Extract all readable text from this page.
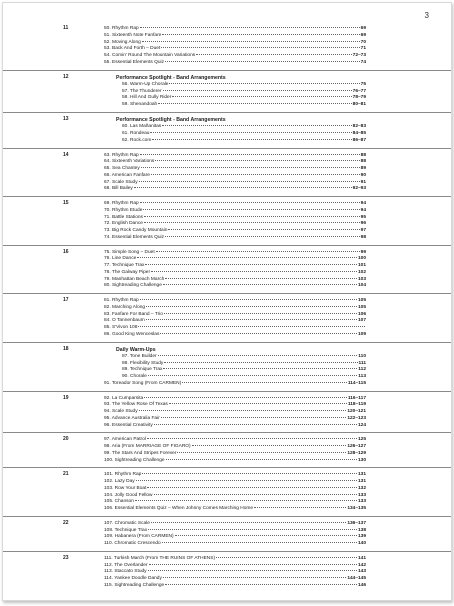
3
11	50. Rhythm Rap	69
51. Sixteenth Note Fanfare	69
52. Moving Along	70
53. Back And Forth – Duet	71
54. Comin' Round The Mountain Variations	72–73
55. Essential Elements Quiz	74
12	Performance Spotlight - Band Arrangements
56. Warm-Up Chorale	75
57. The Thunderer	76–77
58. Hill And Gully Rider	78–79
59. Shenandoah	80–81
13	Performance Spotlight - Band Arrangements
60. Las Mañanitas	82–83
61. Rondeau	84–85
62. Rock.com	86–87
14	63. Rhythm Rap	88
64. Sixteenth Variations	88
65. Sea Chantey	89
66. American Fanfare	90
67. Scale Study	91
68. Bill Bailey	92–93
15	69. Rhythm Rap	94
70. Rhythm Etude	94
71. Battle Stations	95
72. English Dance	96
73. Big Rock Candy Mountain	97
74. Essential Elements Quiz	98
16	75. Simple Song – Duet	99
76. Line Dance	100
77. Technique Trax	101
78. The Galway Piper	102
79. Manhattan Beach March	103
80. Sightreading Challenge	104
17	81. Rhythm Rap	105
82. Marching Along	105
83. Fanfare For Band – Trio	106
84. O Tannenbaum	107
85. S'Vivon 108
86. Good King Wenceslas	109
18	Daily Warm-Ups
87. Tone Builder	110
88. Flexibility Study	111
89. Technique Trax	112
90. Chorale	113
91. Toreador Song (From CARMEN)	114–115
19	92. La Cumparsita	116–117
93. The Yellow Rose Of Texas	118–119
94. Scale Study	120–121
95. Advance Australia Fair	122–123
96. Essential Creativity	124
20	97. American Patrol	125
98. Aria (From MARRIAGE OF FIGARO)	126–127
99. The Stars And Stripes Forever	128–129
100. Sightreading Challenge	130
21	101. Rhythm Rap	131
102. Lazy Day	131
103. Row Your Boat	132
104. Jolly Good Fellow	133
105. Chanson	133
106. Essential Elements Quiz – When Johnny Comes Marching Home	134–135
22	107. Chromatic Scale	136–137
108. Technique Trax	138
109. Habanera (From CARMEN)	139
110. Chromatic Crescendo	140
23	111. Turkish March (From THE RUINS OF ATHENS)	141
112. The Overlander	142
113. Staccato Study	143
114. Yankee Doodle Dandy	144–145
115. Sightreading Challenge	146
